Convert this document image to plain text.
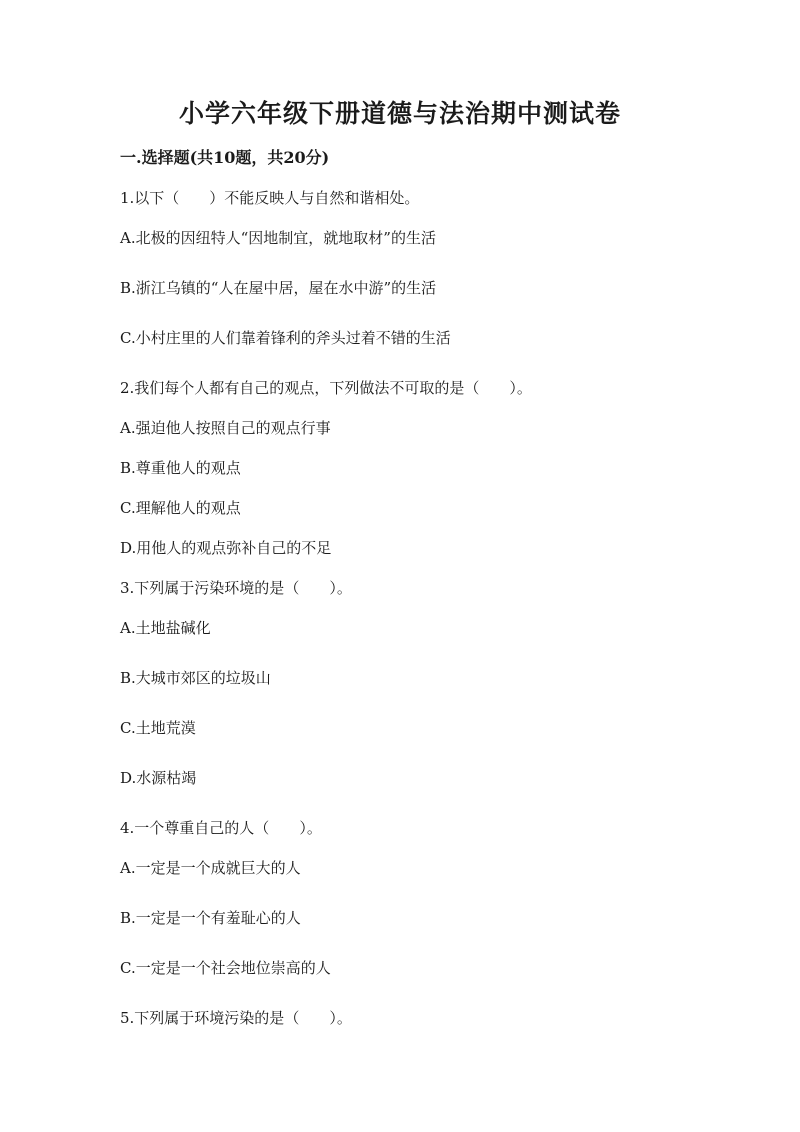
小学六年级下册道德与法治期中测试卷
一.选择题(共10题，共20分)
1.以下（　　）不能反映人与自然和谐相处。
A.北极的因纽特人“因地制宜，就地取材”的生活
B.浙江乌镇的“人在屋中居，屋在水中游”的生活
C.小村庄里的人们靠着锋利的斧头过着不错的生活
2.我们每个人都有自己的观点，下列做法不可取的是（　　）。
A.强迫他人按照自己的观点行事
B.尊重他人的观点
C.理解他人的观点
D.用他人的观点弥补自己的不足
3.下列属于污染环境的是（　　）。
A.土地盐碱化
B.大城市郊区的垃圾山
C.土地荒漠
D.水源枯竭
4.一个尊重自己的人（　　）。
A.一定是一个成就巨大的人
B.一定是一个有羞耻心的人
C.一定是一个社会地位崇高的人
5.下列属于环境污染的是（　　）。
